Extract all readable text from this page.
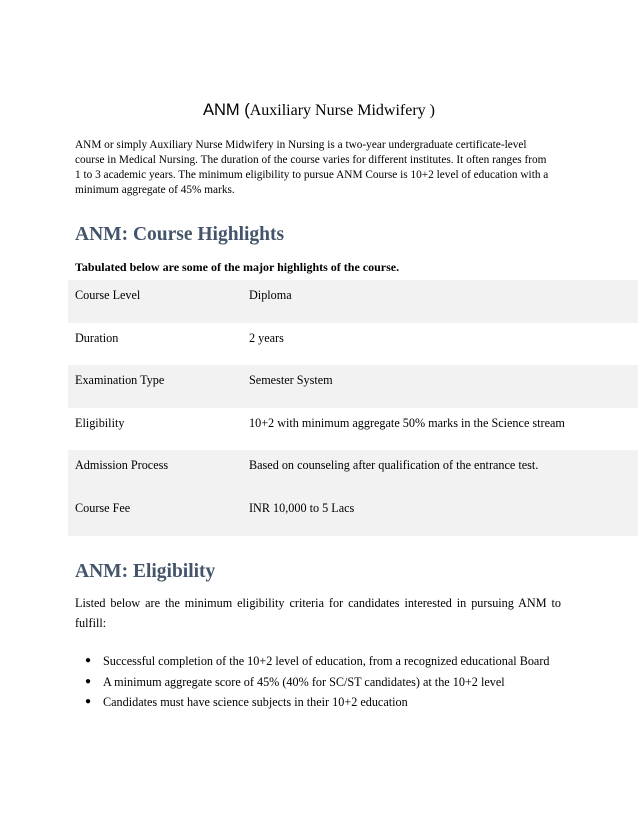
ANM (Auxiliary Nurse Midwifery )

ANM or simply Auxiliary Nurse Midwifery in Nursing is a two-year undergraduate certificate-level
course in Medical Nursing. The duration of the course varies for different institutes. It often ranges from
1 to 3 academic years. The minimum eligibility to pursue ANM Course is 10+2 level of education with a
minimum aggregate of 45% marks.

ANM: Course Highlights

Tabulated below are some of the major highlights of the course.

Course Level	Diploma
Duration	2 years
Examination Type	Semester System
Eligibility	10+2 with minimum aggregate 50% marks in the Science stream
Admission Process	Based on counseling after qualification of the entrance test.
Course Fee	INR 10,000 to 5 Lacs
ANM: Eligibility

Listed below are the minimum eligibility criteria for candidates interested in pursuing ANM to fulfill:

● Successful completion of the 10+2 level of education, from a recognized educational Board
● A minimum aggregate score of 45% (40% for SC/ST candidates) at the 10+2 level
● Candidates must have science subjects in their 10+2 education
